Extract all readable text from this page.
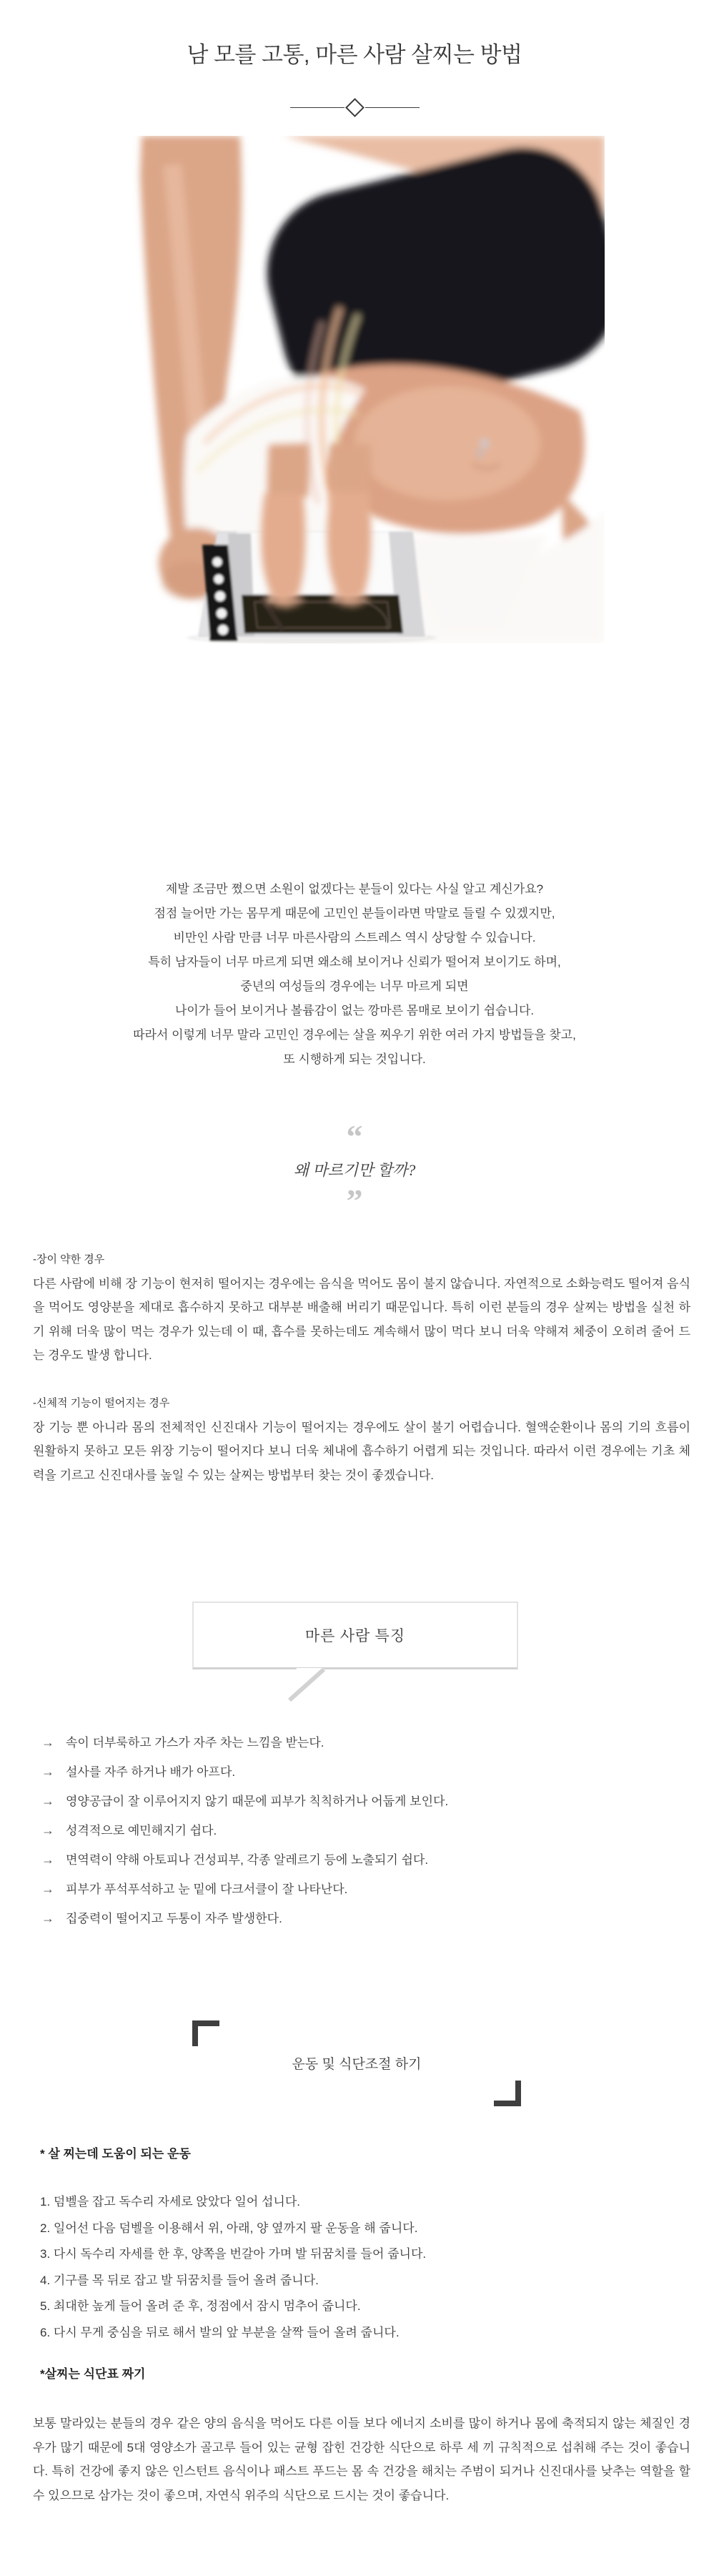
남 모를 고통, 마른 사람 살찌는 방법
제발 조금만 쪘으면 소원이 없겠다는 분들이 있다는 사실 알고 계신가요?
점점 늘어만 가는 몸무게 때문에 고민인 분들이라면 막말로 들릴 수 있겠지만,
비만인 사람 만큼 너무 마른사람의 스트레스 역시 상당할 수 있습니다.
특히 남자들이 너무 마르게 되면 왜소해 보이거나 신뢰가 떨어져 보이기도 하며,
중년의 여성들의 경우에는 너무 마르게 되면
나이가 들어 보이거나 볼륨감이 없는 깡마른 몸매로 보이기 쉽습니다.
따라서 이렇게 너무 말라 고민인 경우에는 살을 찌우기 위한 여러 가지 방법들을 찾고,
또 시행하게 되는 것입니다.
“
왜 마르기만 할까?
”
-장이 약한 경우
다른 사람에 비해 장 기능이 현저히 떨어지는 경우에는 음식을 먹어도 몸이 불지 않습니다. 자연적으로 소화능력도 떨어져 음식을 먹어도 영양분을 제대로 흡수하지 못하고 대부분 배출해 버리기 때문입니다. 특히 이런 분들의 경우 살찌는 방법을 실천 하기 위해 더욱 많이 먹는 경우가 있는데 이 때, 흡수를 못하는데도 계속해서 많이 먹다 보니 더욱 약해져 체중이 오히려 줄어 드는 경우도 발생 합니다.
-신체적 기능이 떨어지는 경우
장 기능 뿐 아니라 몸의 전체적인 신진대사 기능이 떨어지는 경우에도 살이 불기 어렵습니다. 혈액순환이나 몸의 기의 흐름이 원활하지 못하고 모든 위장 기능이 떨어지다 보니 더욱 체내에 흡수하기 어렵게 되는 것입니다. 따라서 이런 경우에는 기초 체력을 기르고 신진대사를 높일 수 있는 살찌는 방법부터 찾는 것이 좋겠습니다.
마른 사람 특징
→ 속이 더부룩하고 가스가 자주 차는 느낌을 받는다.
→ 설사를 자주 하거나 배가 아프다.
→ 영양공급이 잘 이루어지지 않기 때문에 피부가 칙칙하거나 어둡게 보인다.
→ 성격적으로 예민해지기 쉽다.
→ 면역력이 약해 아토피나 건성피부, 각종 알레르기 등에 노출되기 쉽다.
→ 피부가 푸석푸석하고 눈 밑에 다크서클이 잘 나타난다.
→ 집중력이 떨어지고 두통이 자주 발생한다.
운동 및 식단조절 하기
* 살 찌는데 도움이 되는 운동
1. 덤벨을 잡고 독수리 자세로 앉았다 일어 섭니다.
2. 일어선 다음 덤벨을 이용해서 위, 아래, 양 옆까지 팔 운동을 해 줍니다.
3. 다시 독수리 자세를 한 후, 양쪽을 번갈아 가며 발 뒤꿈치를 들어 줍니다.
4. 기구를 목 뒤로 잡고 발 뒤꿈치를 들어 올려 줍니다.
5. 최대한 높게 들어 올려 준 후, 정점에서 잠시 멈추어 줍니다.
6. 다시 무게 중심을 뒤로 해서 발의 앞 부분을 살짝 들어 올려 줍니다.
*살찌는 식단표 짜기
보통 말라있는 분들의 경우 같은 양의 음식을 먹어도 다른 이들 보다 에너지 소비를 많이 하거나 몸에 축적되지 않는 체질인 경우가 많기 때문에 5대 영양소가 골고루 들어 있는 균형 잡힌 건강한 식단으로 하루 세 끼 규칙적으로 섭취해 주는 것이 좋습니다. 특히 건강에 좋지 않은 인스턴트 음식이나 패스트 푸드는 몸 속 건강을 해치는 주범이 되거나 신진대사를 낮추는 역할을 할 수 있으므로 삼가는 것이 좋으며, 자연식 위주의 식단으로 드시는 것이 좋습니다.
